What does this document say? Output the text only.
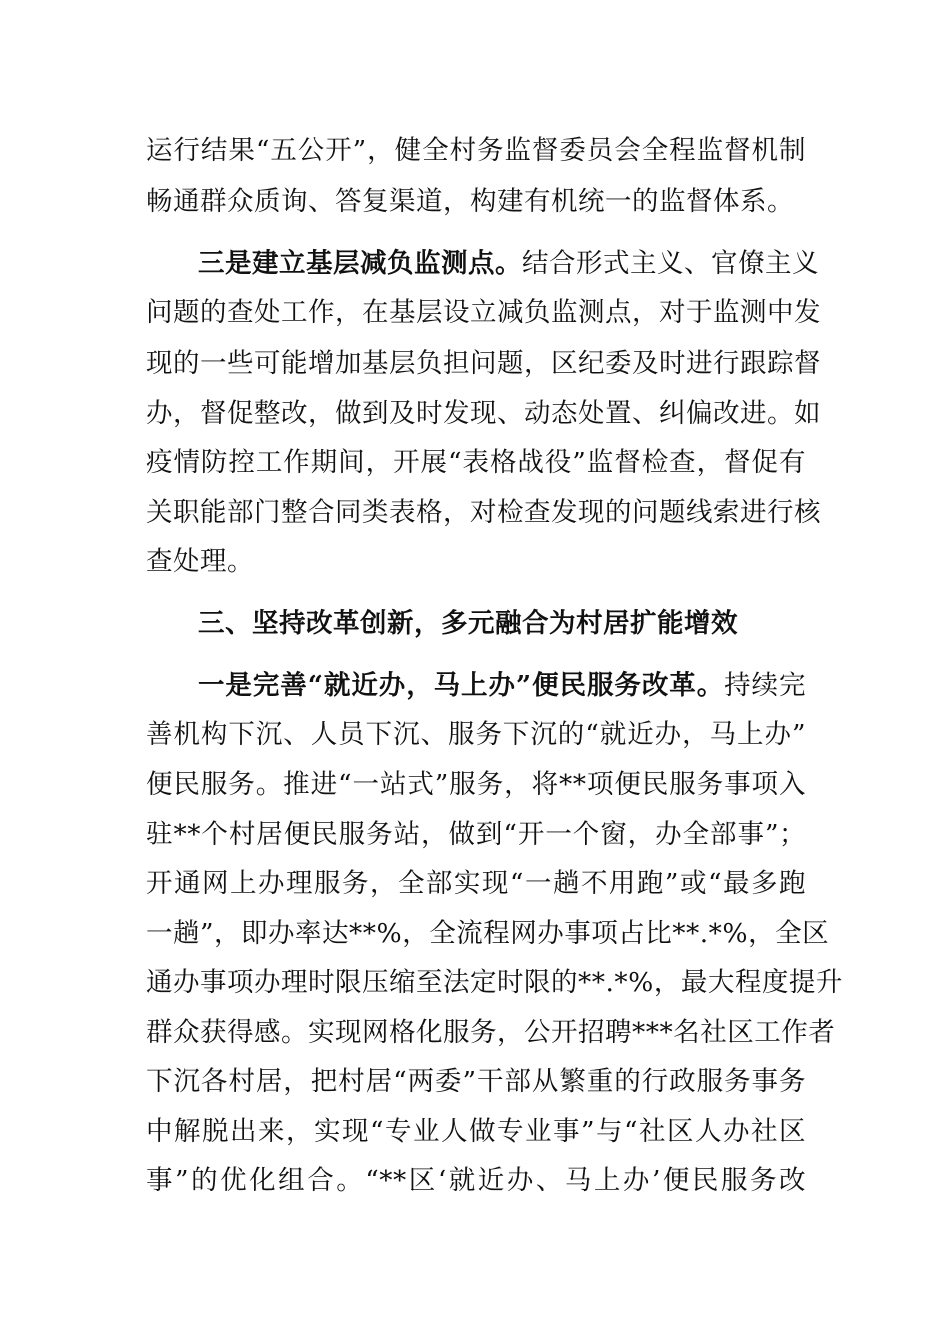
运行结果“五公开”，健全村务监督委员会全程监督机制
畅通群众质询、答复渠道，构建有机统一的监督体系。
三是建立基层减负监测点。结合形式主义、官僚主义
问题的查处工作，在基层设立减负监测点，对于监测中发
现的一些可能增加基层负担问题，区纪委及时进行跟踪督
办，督促整改，做到及时发现、动态处置、纠偏改进。如
疫情防控工作期间，开展“表格战役”监督检查，督促有
关职能部门整合同类表格，对检查发现的问题线索进行核
查处理。
三、坚持改革创新，多元融合为村居扩能增效
一是完善“就近办，马上办”便民服务改革。持续完
善机构下沉、人员下沉、服务下沉的“就近办，马上办”
便民服务。推进“一站式”服务，将**项便民服务事项入
驻**个村居便民服务站，做到“开一个窗，办全部事”；
开通网上办理服务，全部实现“一趟不用跑”或“最多跑
一趟”，即办率达**%，全流程网办事项占比**.*%，全区
通办事项办理时限压缩至法定时限的**.*%，最大程度提升
群众获得感。实现网格化服务，公开招聘***名社区工作者
下沉各村居，把村居“两委”干部从繁重的行政服务事务
中解脱出来，实现“专业人做专业事”与“社区人办社区
事”的优化组合。“**区‘就近办、马上办’便民服务改
